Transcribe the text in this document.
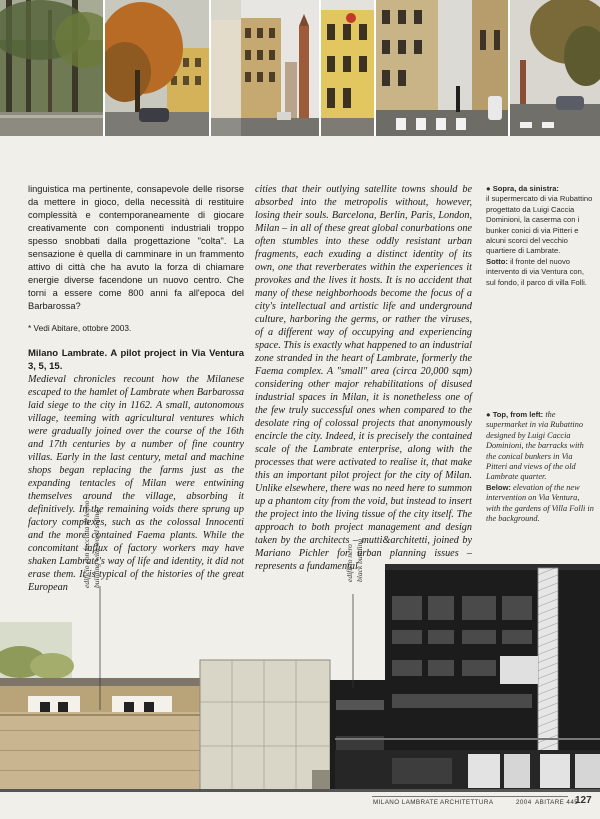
linguistica ma pertinente, consapevole delle risorse da mettere in gioco, della necessità di restituire complessità e contemporaneamente di giocare creativamente con componenti industriali troppo spesso snobbati dalla progettazione "colta". La sensazione è quella di camminare in un frammento attivo di città che ha avuto la forza di chiamare energie diverse facendone un nuovo centro. Che torni a essere come 800 anni fa all'epoca del Barbarossa?

* Vedi Abitare, ottobre 2003.

Milano Lambrate. A pilot project in Via Ventura 3, 5, 15.

Medieval chronicles recount how the Milanese escaped to the hamlet of Lambrate when Barbarossa laid siege to the city in 1162. A small, autonomous village, teeming with agricultural ventures which were gradually joined over the course of the 16th and 17th centuries by a number of fine country villas. Early in the last century, metal and machine shops began replacing the farms just as the expanding tentacles of Milan were entwining themselves around the village, absorbing it definitively. In the remaining voids there sprung up factory complexes, such as the colossal Innocenti and the more contained Faema plants. While the concomitant influx of factory workers may have shaken Lambrate's way of life and identity, it did not erase them. It is typical of the histories of the great European

cities that their outlying satellite towns should be absorbed into the metropolis without, however, losing their souls. Barcelona, Berlin, Paris, London, Milan – in all of these great global conurbations one often stumbles into these oddly resistant urban fragments, each exuding a distinct identity of its own, one that reverberates within the experiences it provokes and the lives it hosts. It is no accident that many of these neighborhoods become the focus of a city's intellectual and artistic life and underground culture, harboring the germs, or rather the viruses, of a different way of occupying and experiencing space. This is exactly what happened to an industrial zone stranded in the heart of Lambrate, formerly the Faema complex. A "small" area (circa 20,000 sqm) considering other major rehabilitations of disused industrial spaces in Milan, it is nonetheless one of the few truly successful ones when compared to the desolate ring of colossal projects that anonymously encircle the city. Indeed, it is precisely the contained scale of the Lambrate enterprise, along with the processes that were activated to realise it, that make this an important pilot project for the city of Milan. Unlike elsewhere, there was no need here to summon up a phantom city from the void, but instead to insert the project into the living tissue of the city itself. The approach to both project management and design taken by the architects – mutti&architetti, joined by Mariano Pichler for urban planning issues – represents a fundamental

● Sopra, da sinistra:
il supermercato di via Rubattino progettato da Luigi Caccia Dominioni, la caserma con i bunker conici di via Pitteri e alcuni scorci del vecchio quartiere di Lambrate.
Sotto: il fronte del nuovo intervento di via Ventura con, sul fondo, il parco di villa Folli.
● Top, from left: the supermarket in via Rubattino designed by Luigi Caccia Dominioni, the barracks with the conical bunkers in Via Pitteri and views of the old Lambrate quarter.
Below: elevation of the new intervention on Via Ventura, with the gardens of Villa Folli in the background.
edificio con facciata di legno building with wood siding	edificio nero black building
MILANO LAMBRATE ARCHITETTURA	2004 ABITARE 445
127
